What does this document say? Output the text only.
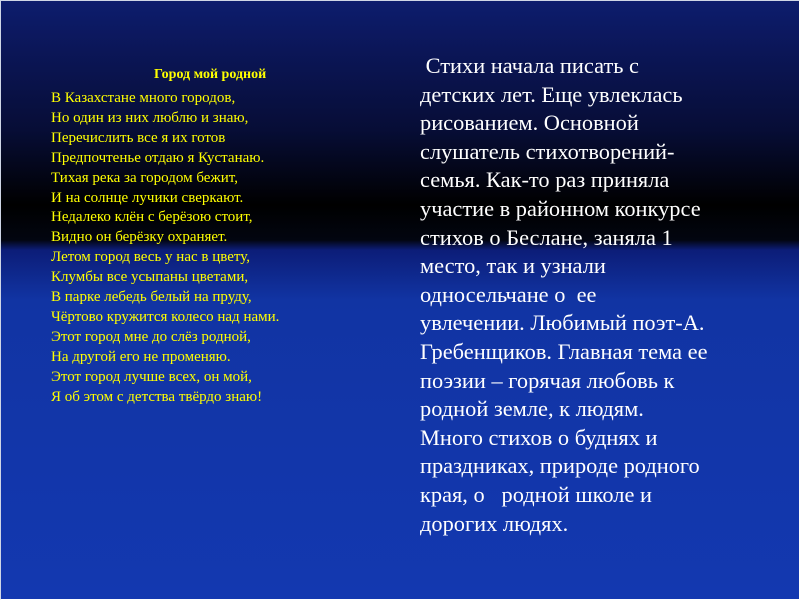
Город мой родной
В Казахстане много городов,
Но один из них люблю и знаю,
Перечислить все я их готов
Предпочтенье отдаю я Кустанаю.
Тихая река за городом бежит,
И на солнце лучики сверкают.
Недалеко клён с берёзою стоит,
Видно он берёзку охраняет.
Летом город весь у нас в цвету,
Клумбы все усыпаны цветами,
В парке лебедь белый на пруду,
Чёртово кружится колесо над нами.
Этот город мне до слёз родной,
На другой его не променяю.
Этот город лучше всех, он мой,
Я об этом с детства твёрдо знаю!
Стихи начала писать с
детских лет. Еще увлеклась
рисованием. Основной
слушатель стихотворений-
семья. Как-то раз приняла
участие в районном конкурсе
стихов о Беслане, заняла 1
место, так и узнали
односельчане о  ее
увлечении. Любимый поэт-А.
Гребенщиков. Главная тема ее
поэзии – горячая любовь к
родной земле, к людям.
Много стихов о буднях и
праздниках, природе родного
края, о   родной школе и
дорогих людях.
